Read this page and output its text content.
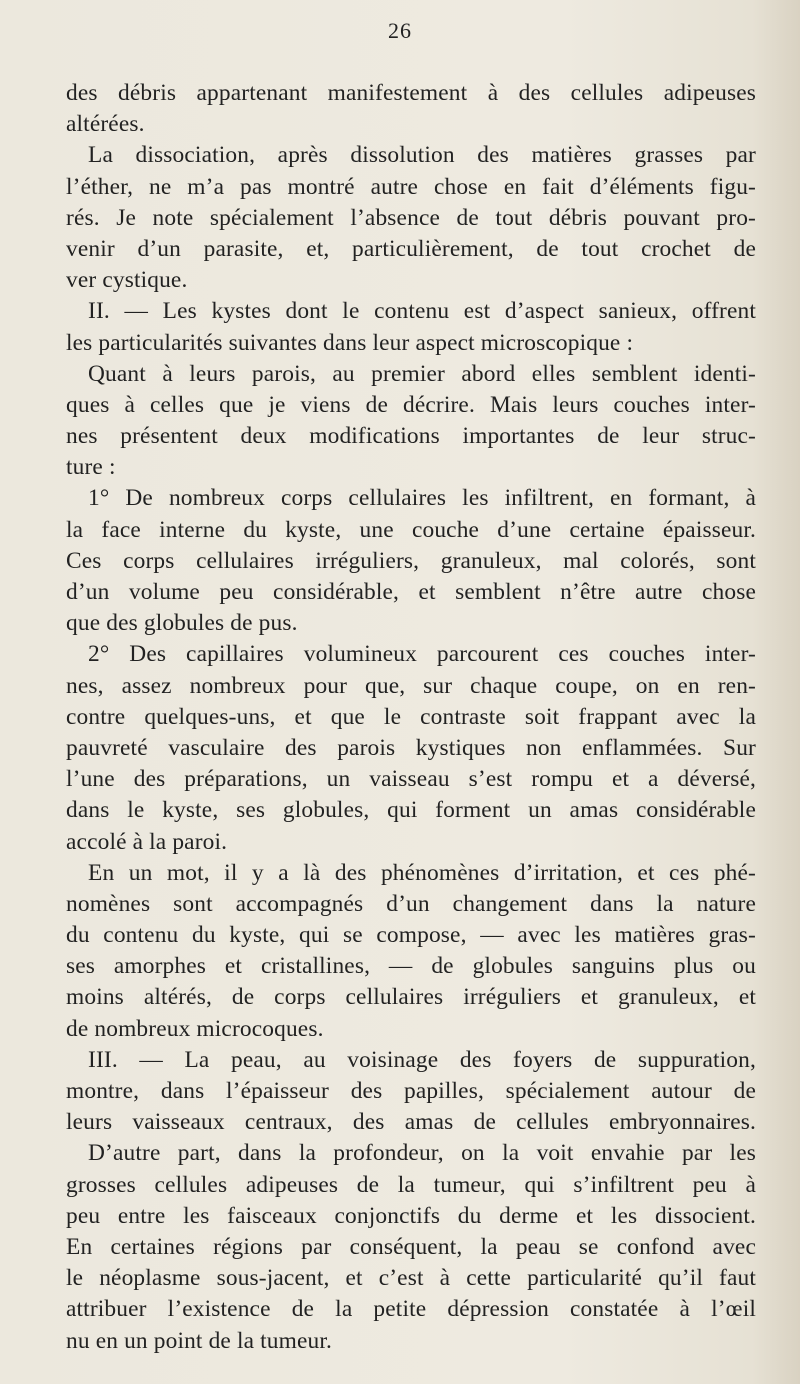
26
des débris appartenant manifestement à des cellules adipeuses
altérées.
La dissociation, après dissolution des matières grasses par
l’éther, ne m’a pas montré autre chose en fait d’éléments figu-
rés. Je note spécialement l’absence de tout débris pouvant pro-
venir d’un parasite, et, particulièrement, de tout crochet de
ver cystique.
II. — Les kystes dont le contenu est d’aspect sanieux, offrent
les particularités suivantes dans leur aspect microscopique :
Quant à leurs parois, au premier abord elles semblent identi-
ques à celles que je viens de décrire. Mais leurs couches inter-
nes présentent deux modifications importantes de leur struc-
ture :
1° De nombreux corps cellulaires les infiltrent, en formant, à
la face interne du kyste, une couche d’une certaine épaisseur.
Ces corps cellulaires irréguliers, granuleux, mal colorés, sont
d’un volume peu considérable, et semblent n’être autre chose
que des globules de pus.
2° Des capillaires volumineux parcourent ces couches inter-
nes, assez nombreux pour que, sur chaque coupe, on en ren-
contre quelques-uns, et que le contraste soit frappant avec la
pauvreté vasculaire des parois kystiques non enflammées. Sur
l’une des préparations, un vaisseau s’est rompu et a déversé,
dans le kyste, ses globules, qui forment un amas considérable
accolé à la paroi.
En un mot, il y a là des phénomènes d’irritation, et ces phé-
nomènes sont accompagnés d’un changement dans la nature
du contenu du kyste, qui se compose, — avec les matières gras-
ses amorphes et cristallines, — de globules sanguins plus ou
moins altérés, de corps cellulaires irréguliers et granuleux, et
de nombreux microcoques.
III. — La peau, au voisinage des foyers de suppuration,
montre, dans l’épaisseur des papilles, spécialement autour de
leurs vaisseaux centraux, des amas de cellules embryonnaires.
D’autre part, dans la profondeur, on la voit envahie par les
grosses cellules adipeuses de la tumeur, qui s’infiltrent peu à
peu entre les faisceaux conjonctifs du derme et les dissocient.
En certaines régions par conséquent, la peau se confond avec
le néoplasme sous-jacent, et c’est à cette particularité qu’il faut
attribuer l’existence de la petite dépression constatée à l’œil
nu en un point de la tumeur.
